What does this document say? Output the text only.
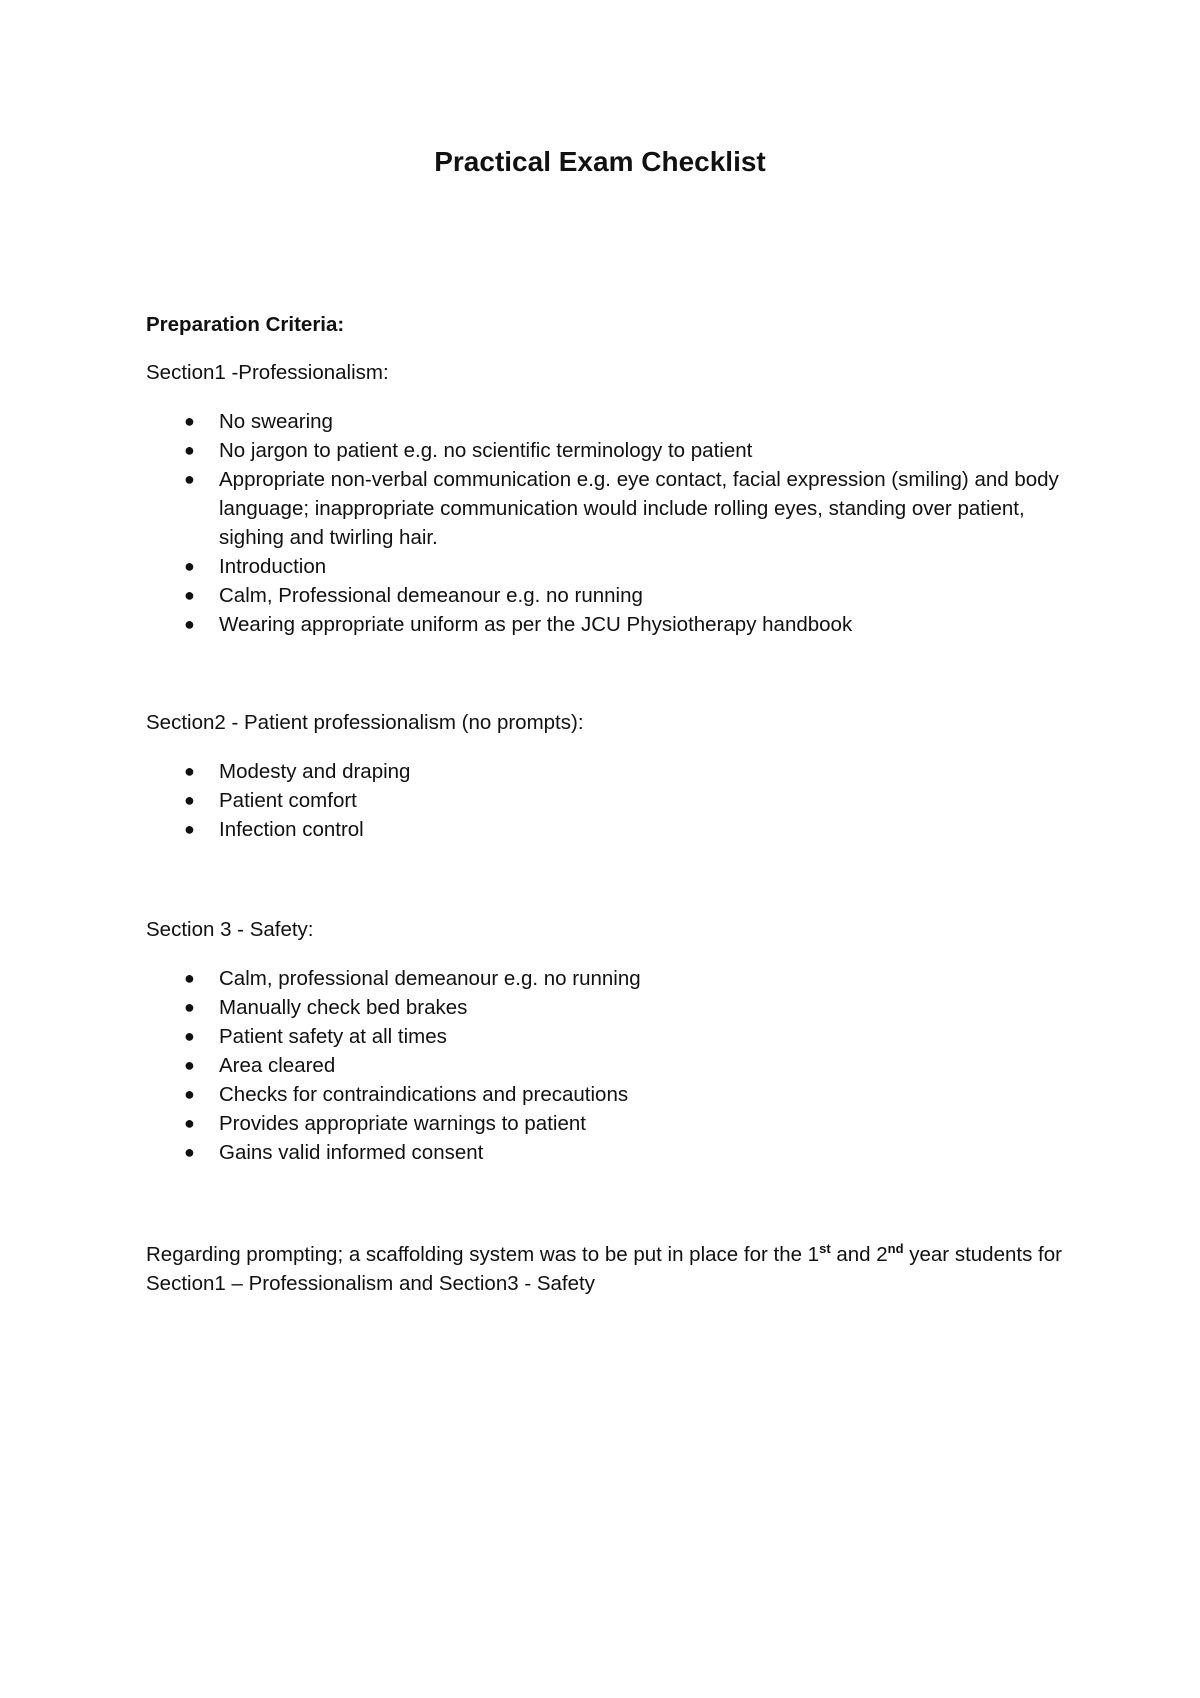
Practical Exam Checklist

Preparation Criteria:

Section1 -Professionalism:

● No swearing
● No jargon to patient e.g. no scientific terminology to patient
● Appropriate non-verbal communication e.g. eye contact, facial expression (smiling) and body language; inappropriate communication would include rolling eyes, standing over patient, sighing and twirling hair.
● Introduction
● Calm, Professional demeanour e.g. no running
● Wearing appropriate uniform as per the JCU Physiotherapy handbook

Section2 - Patient professionalism (no prompts):

● Modesty and draping
● Patient comfort
● Infection control

Section 3 - Safety:

● Calm, professional demeanour e.g. no running
● Manually check bed brakes
● Patient safety at all times
● Area cleared
● Checks for contraindications and precautions
● Provides appropriate warnings to patient
● Gains valid informed consent

Regarding prompting; a scaffolding system was to be put in place for the 1st and 2nd year students for Section1 – Professionalism and Section3 - Safety
